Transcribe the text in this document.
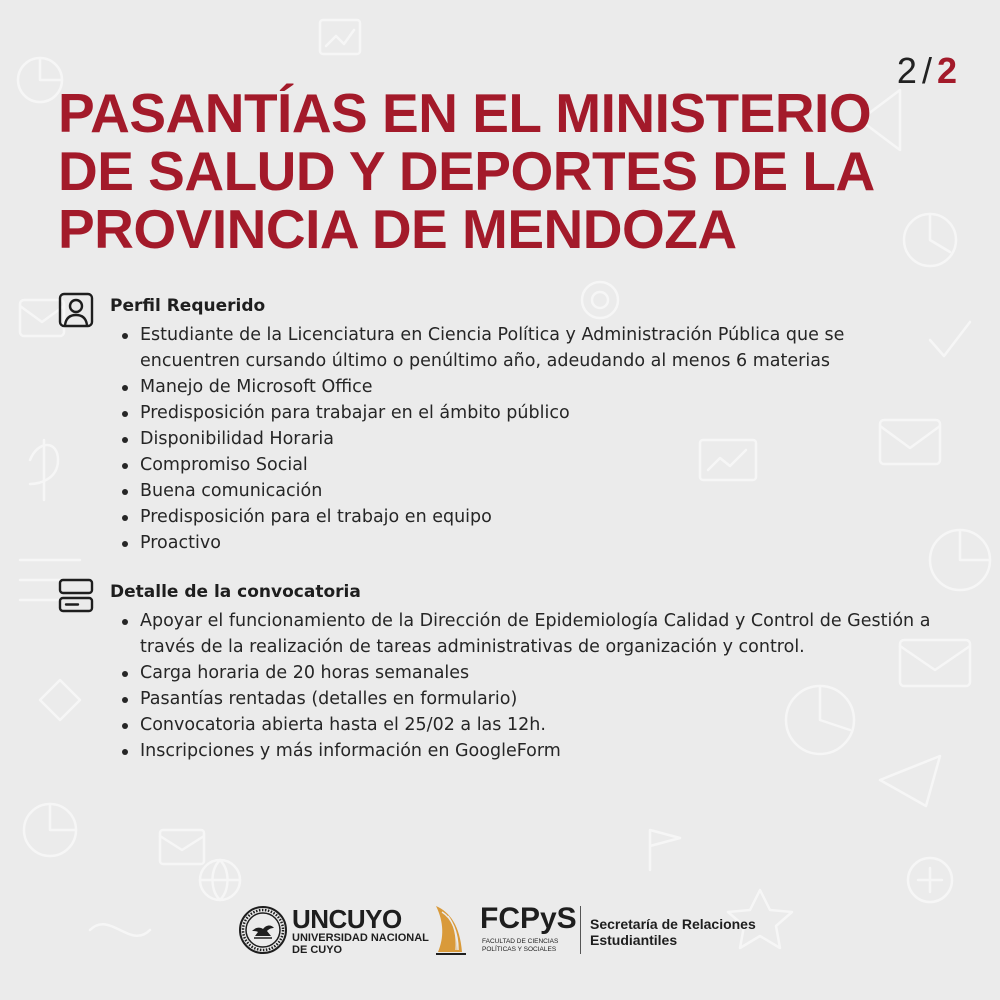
2 / 2
PASANTÍAS EN EL MINISTERIO
DE SALUD Y DEPORTES DE LA
PROVINCIA DE MENDOZA
Perfil Requerido
Estudiante de la Licenciatura en Ciencia Política y Administración Pública que se encuentren cursando último o penúltimo año, adeudando al menos 6 materias
Manejo de Microsoft Office
Predisposición para trabajar en el ámbito público
Disponibilidad Horaria
Compromiso Social
Buena comunicación
Predisposición para el trabajo en equipo
Proactivo
Detalle de la convocatoria
Apoyar el funcionamiento de la Dirección de Epidemiología Calidad y Control de Gestión a través de la realización de tareas administrativas de organización y control.
Carga horaria de 20 horas semanales
Pasantías rentadas (detalles en formulario)
Convocatoria abierta hasta el 25/02 a las 12h.
Inscripciones y más información en GoogleForm
UNCUYO
UNIVERSIDAD NACIONAL DE CUYO
FCPyS
FACULTAD DE CIENCIAS POLÍTICAS Y SOCIALES
Secretaría de Relaciones Estudiantiles
